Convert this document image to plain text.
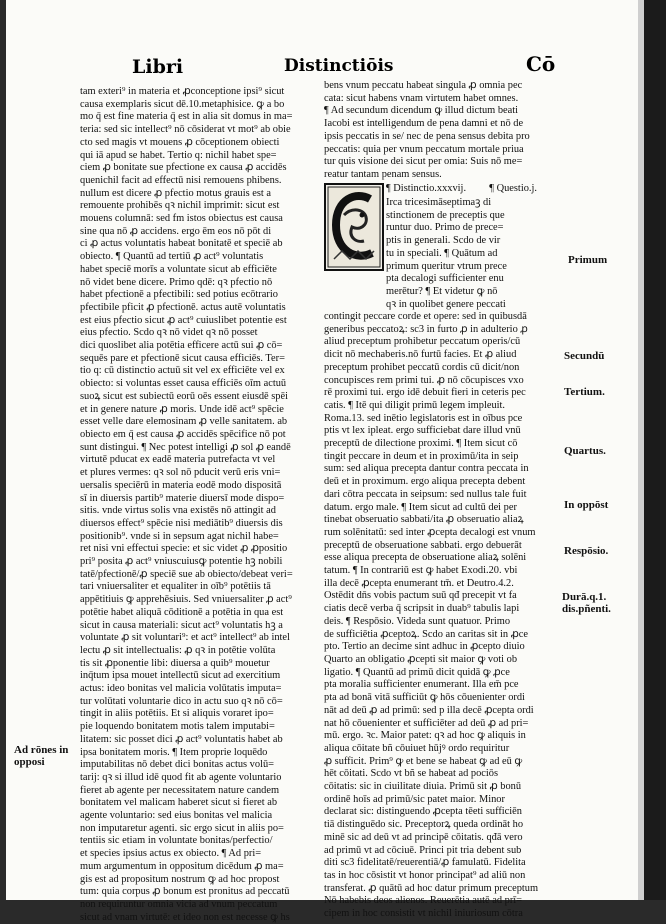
Libri	Distinctiōis	Cō
tam exteri⁹ in materia et ꝓconceptione ipsi⁹ sicut
causa exemplaris sicut dē.10.metaphisice. ꝙ a bo
mo q̄ est fine materia q̄ est in alia sit domus in ma=
teria: sed sic intellect⁹ nō cōsiderat vt mot⁹ ab obie
cto sed magis vt mouens ꝓ cōceptionem obiecti
qui iā apud se habet. Tertio q: nichil habet spe=
ciem ꝓ bonitate sue pfectione ex causa ꝓ accidēs
quenichil facit ad effectū nisi remouens phibens.
nullum est dicere ꝓ pfectio motus grauis est a
remouente prohibēs qꝛ nichil imprimit: sicut est
mouens columnā: sed fm istos obiectus est causa
sine qua nō ꝓ accidens. ergo ēm eos nō pōt di
ci ꝓ actus voluntatis habeat bonitatē et speciē ab
obiecto. ¶ Quantū ad tertiū ꝓ act⁹ voluntatis
habet speciē morīs a voluntate sicut ab efficiēte
nō videt bene dicere. Primo qdē: qꝛ pfectio nō
habet pfectionē a pfectibili: sed potius ecōtrario
pfectibile pficit ꝓ pfectionē. actus autē voluntatis
est eius pfectio sicut ꝓ act⁹ cuiuslibet potentie est
eius pfectio. Scdo qꝛ nō videt qꝛ nō posset
dici quoslibet alia potētia efficere actū sui ꝓ cō=
sequēs pare et pfectionē sicut causa efficiēs. Ter=
tio q: cū distinctio actuū sit vel ex efficiēte vel ex
obiecto: si voluntas esset causa efficiēs oīm actuū
suoꝝ sicut est subiectū eorū oēs essent eiusdē spēi
et in genere nature ꝓ moris. Unde idē act⁹ spēcie
esset velle dare elemosinam ꝓ velle sanitatem. ab
obiecto em q̄ est causa ꝓ accidēs spēcifice nō pot
sunt distingui. ¶ Nec potest intelligi ꝓ sol ꝓ eandē
virtutē pducat ex eadē materia putrefacta vt vel
et plures vermes: qꝛ sol nō pducit verū eris vni=
uersalis speciērū in materia eodē modo dispositā
sī in diuersis partib⁹ materie diuersī mode dispo=
sitis. vnde virtus solis vna existēs nō attingit ad
diuersos effect⁹ spēcie nisi mediātib⁹ diuersis dis
positionib⁹. vnde si in sepsum agat nichil habe=
ret nisi vni effectui specie: et sic videt ꝓ ꝓpositio
pri⁹ posita ꝓ act⁹ vniuscuiusꝙ potentie hꝫ nobili
tatē/pfectionē/ꝓ speciē sue ab obiecto/debeat veri=
tari vniuersaliter et equaliter in oīb⁹ potētiis tā
appētitiuis ꝙ apprehēsiuis. Sed vniuersaliter ꝓ act⁹
potētie habet aliquā cōditionē a potētia in qua est
sicut in causa materiali: sicut act⁹ voluntatis hꝫ a
voluntate ꝓ sit voluntari⁹: et act⁹ intellect⁹ ab intel
lectu ꝓ sit intellectualis: ꝓ qꝛ in potētie volūta
tis sit ꝓponentie libi: diuersa a quib⁹ mouetur
inq̄tum ipsa mouet intellectū sicut ad exercitium
actus: ideo bonitas vel malicia volūtatis imputa=
tur volūtati voluntarie dico in actu suo qꝛ nō cō=
tingit in aliis potētiis. Et si aliquis voraret ipo=
pie loquendo bonitatem motis talem imputabi=
litatem: sic posset dici ꝓ act⁹ voluntatis habet ab
ipsa bonitatem moris. ¶ Item proprie loquēdo
imputabilitas nō debet dici bonitas actus volū=
tarij: qꝛ si illud idē quod fit ab agente voluntario
fieret ab agente per necessitatem nature candem
bonitatem vel malicam haberet sicut si fieret ab
agente voluntario: sed eius bonitas vel malicia
non imputaretur agenti. sic ergo sicut in aliis po=
tentiis sic etiam in voluntate bonitas/perfectio/
et species ipsius actus ex obiecto. ¶ Ad pri=
mum argumentum in oppositum dicēdum ꝓ ma=
gis est ad propositum nostrum ꝙ ad hoc propost
tum: quia corpus ꝓ bonum est pronitus ad peccatū
non requiruntur omnia vicia ad vnum peccatum
sicut ad vnam virtutē: et ideo non est necesse ꝙ hs
Ad rōnes in opposi
bens vnum peccatu habeat singula ꝓ omnia pec
cata: sicut habens vnam virtutem habet omnes.
¶ Ad secundum dicendum ꝙ illud dictum beati
Iacobi est intelligendum de pena damni et nō de
ipsis peccatis in se/ nec de pena sensus debita pro
peccatis: quia per vnum peccatum mortale priua
tur quis visione dei sicut per omia: Suis nō me=
reatur tantam penam sensus.
¶ Distinctio.xxxvij. ¶ Questio.j.
Irca tricesimāseptimaꝫ di
stinctionem de preceptis que
runtur duo. Primo de prece=
ptis in generali. Scdo de vir
tu in speciali. ¶ Quātum ad
primum queritur vtrum prece
pta decalogi sufficienter enu
merētur? ¶ Et videtur ꝙ nō
qꝛ in quolibet genere peccati
contingit peccare corde et opere: sed in quibusdā
generibus peccatoꝝ: sc3 in furto ꝓ in adulterio ꝓ
aliud preceptum prohibetur peccatum operis/cū
dicit nō mechaberis.nō furtū facies. Et ꝓ aliud
preceptum prohibet peccatū cordis cū dicit/non
concupisces rem primi tui. ꝓ nō cōcupisces vxo
rē proximi tui. ergo idē debuit fieri in ceteris pec
catis. ¶ Itē qui diligit primū legem impleuit.
Roma.13. sed inētio legislatoris est in oībus pce
ptis vt lex ipleat. ergo sufficiebat dare illud vnū
preceptū de dilectione proximi. ¶ Item sicut cō
tingit peccare in deum et in proximū/ita in seip
sum: sed aliqua precepta dantur contra peccata in
deū et in proximum. ergo aliqua precepta debent
dari cōtra peccata in seipsum: sed nullus tale fuit
datum. ergo male. ¶ Item sicut ad cultū dei per
tinebat obseruatio sabbati/ita ꝓ obseruatio aliaꝝ
rum solēnitatū: sed inter ꝓcepta decalogi est vnum
preceptū de obseruatione sabbati. ergo debuerāt
esse aliqua precepta de obseruatione aliaꝝ solēni
tatum. ¶ In contrariū est ꝙ habet Exodi.20. vbi
illa decē ꝓcepta enumerant tm̄. et Deutro.4.2.
Ostēdit dn̄s vobis pactum suū qđ precepit vt fa
ciatis decē verba q̄ scripsit in duab⁹ tabulis lapi
deis. ¶ Respōsio. Videda sunt quatuor. Primo
de sufficiētia ꝓceptoꝝ. Scdo an caritas sit in ꝓce
pto. Tertio an decime sint adhuc in ꝓcepto diuio
Quarto an obligatio ꝓcepti sit maior ꝙ voti ob
ligatio. ¶ Quantū ad primū dicit quidā ꝙ ꝓce
pta moralia sufficienter enumerant. Illa em̄ pce
pta ad bonā vitā sufficiūt ꝙ hōs cōuenienter ordi
nāt ad deū ꝓ ad primū: sed p illa decē ꝓcepta ordi
nat hō cōuenienter et sufficiēter ad deū ꝓ ad pri=
mū. ergo. ꝛc. Maior patet: qꝛ ad hoc ꝙ aliquis in
aliqua cōitate bñ cōuiuet hūjꝰ ordo requiritur
ꝓ sufficit. Prim⁹ ꝙ et bene se habeat ꝙ ad eū ꝙ
hēt cōitati. Scdo vt bñ se habeat ad pociōs
cōitatis: sic in ciuilitate diuia. Primū sit ꝓ bonū
ordinē hoīs ad primū/sic patet maior. Minor
declarat sic: distinguendo ꝓcepta tēeti sufficiēn
tiā distinguēdo sic. Preceptorꝝ queda ordināt ho
minē sic ad deū vt ad principē cōitatis. qđā vero
ad primū vt ad cōciuē. Princi pit tria debent sub
diti sc3 fidelitatē/reuerentiā/ꝓ famulatū. Fidelita
tas in hoc cōsistit vt honor principat⁹ ad aliū non
transferat. ꝓ quātū ad hoc datur primum preceptum
Nō habebis deos alienos. Reuerētia autē ad prī=
cipem in hoc consistit vt nichil iniuriosum cōtra
Primum
Secundū
Tertium.
Quartus.
In oppōst
Respōsio.
Durā.q.1.
dis.pñenti.
